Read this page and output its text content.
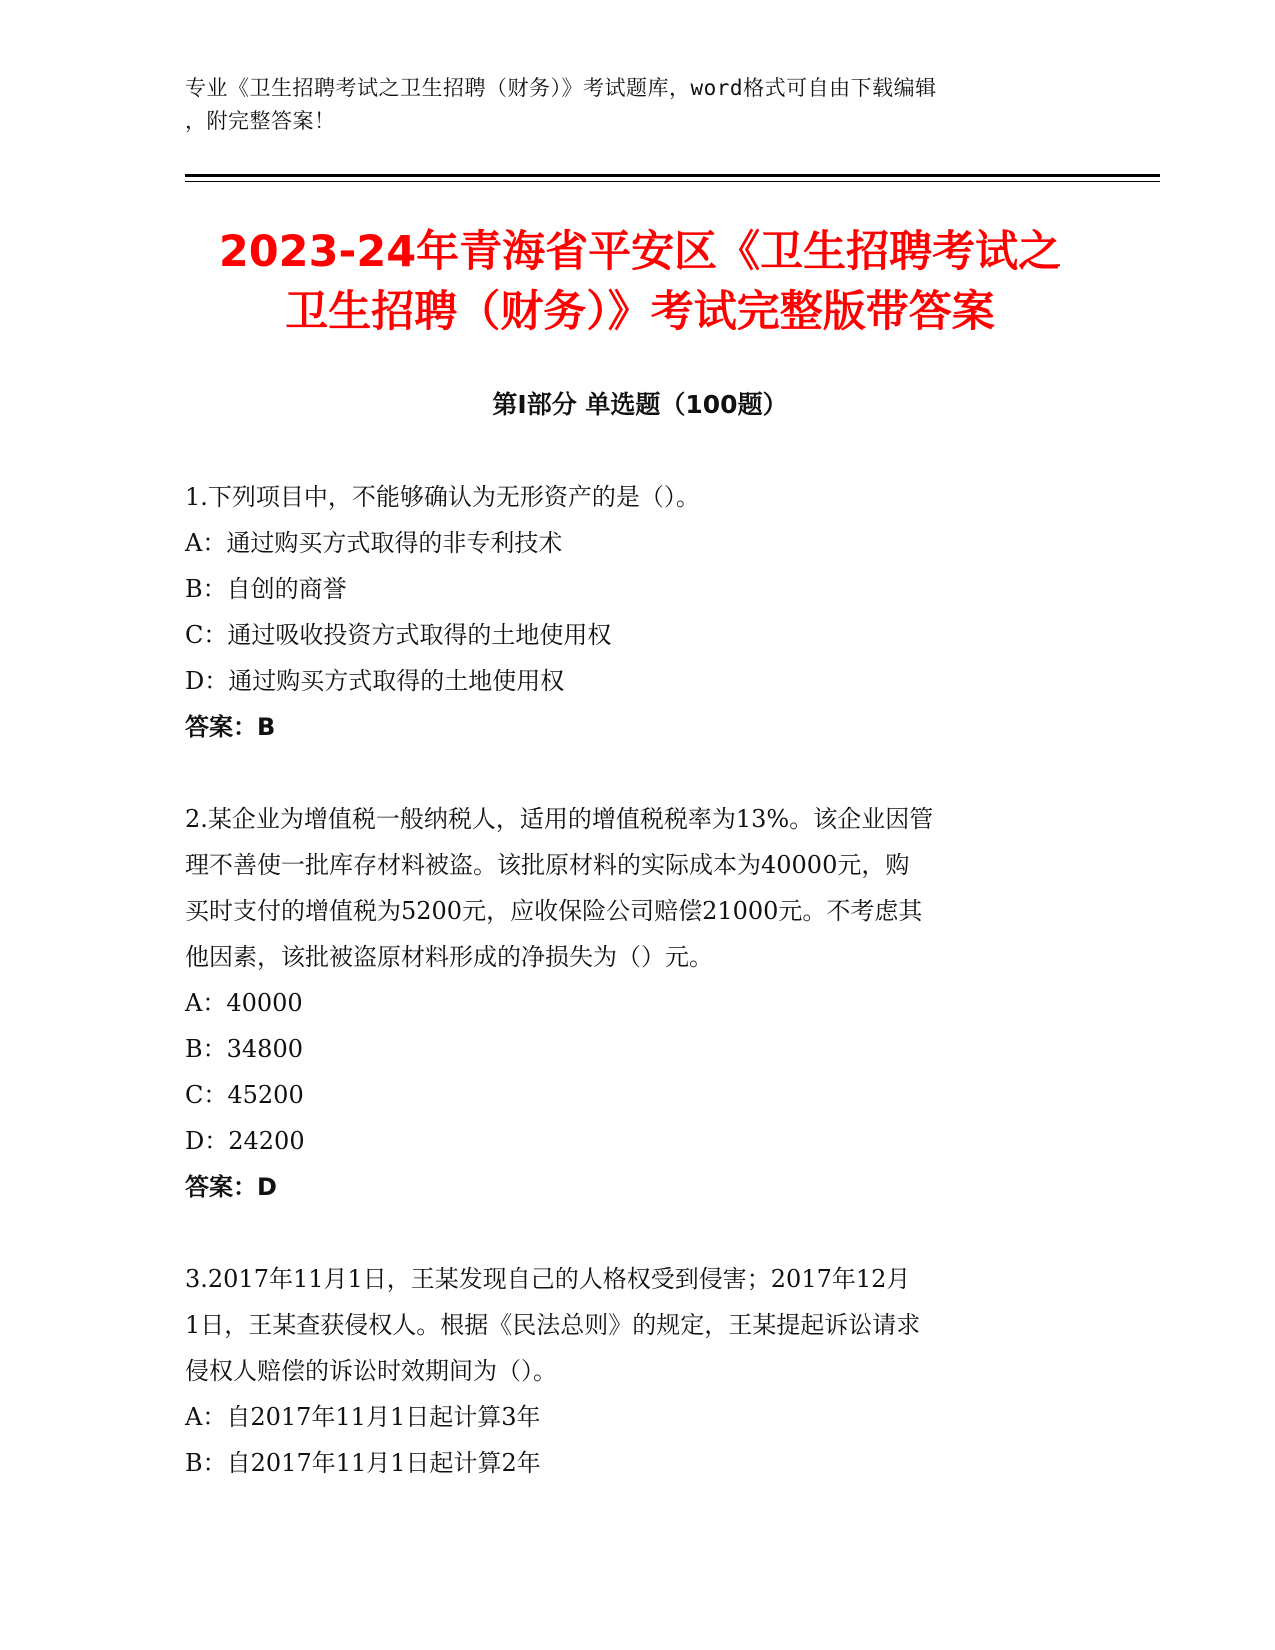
专业《卫生招聘考试之卫生招聘（财务）》考试题库，word格式可自由下载编辑
，附完整答案！
2023-24年青海省平安区《卫生招聘考试之
卫生招聘（财务）》考试完整版带答案
第Ⅰ部分 单选题（100题）

1.下列项目中，不能够确认为无形资产的是（）。

A：通过购买方式取得的非专利技术

B：自创的商誉

C：通过吸收投资方式取得的土地使用权

D：通过购买方式取得的土地使用权

答案：B

2.某企业为增值税一般纳税人，适用的增值税税率为13%。该企业因管

理不善使一批库存材料被盗。该批原材料的实际成本为40000元，购

买时支付的增值税为5200元，应收保险公司赔偿21000元。不考虑其

他因素，该批被盗原材料形成的净损失为（）元。

A：40000

B：34800

C：45200

D：24200

答案：D

3.2017年11月1日，王某发现自己的人格权受到侵害；2017年12月

1日，王某查获侵权人。根据《民法总则》的规定，王某提起诉讼请求

侵权人赔偿的诉讼时效期间为（）。

A：自2017年11月1日起计算3年

B：自2017年11月1日起计算2年
